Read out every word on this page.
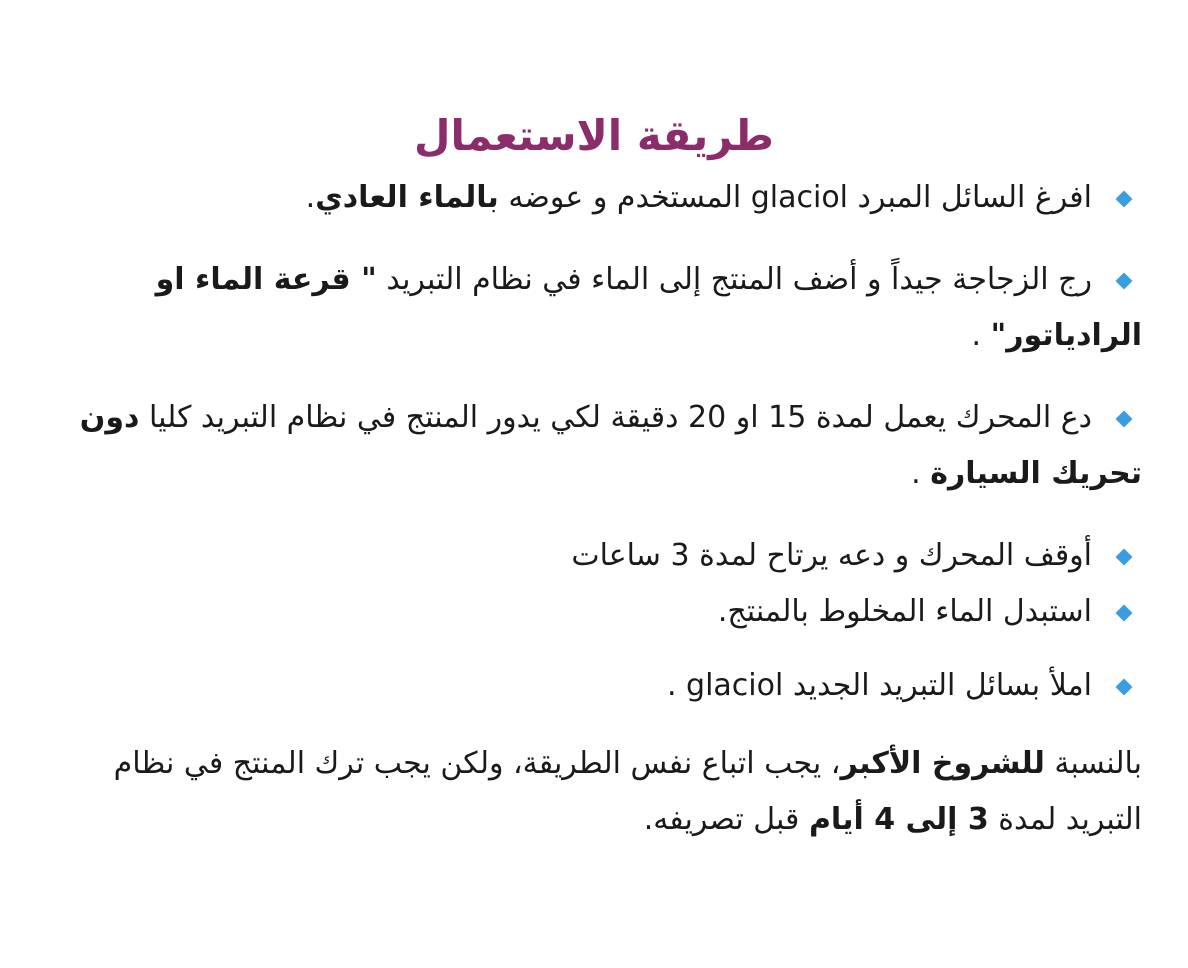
طريقة الاستعمال

افرغ السائل المبرد glaciol المستخدم و عوضه بالماء العادي.

رج الزجاجة جيداً و أضف المنتج إلى الماء في نظام التبريد " قرعة الماء او الرادياتور" .

دع المحرك يعمل لمدة 15 او 20 دقيقة لكي يدور المنتج في نظام التبريد كليا دون تحريك السيارة .

أوقف المحرك و دعه يرتاح لمدة 3 ساعات

استبدل الماء المخلوط بالمنتج.

املأ بسائل التبريد الجديد glaciol .

بالنسبة للشروخ الأكبر، يجب اتباع نفس الطريقة، ولكن يجب ترك المنتج في نظام التبريد لمدة 3 إلى 4 أيام قبل تصريفه.
